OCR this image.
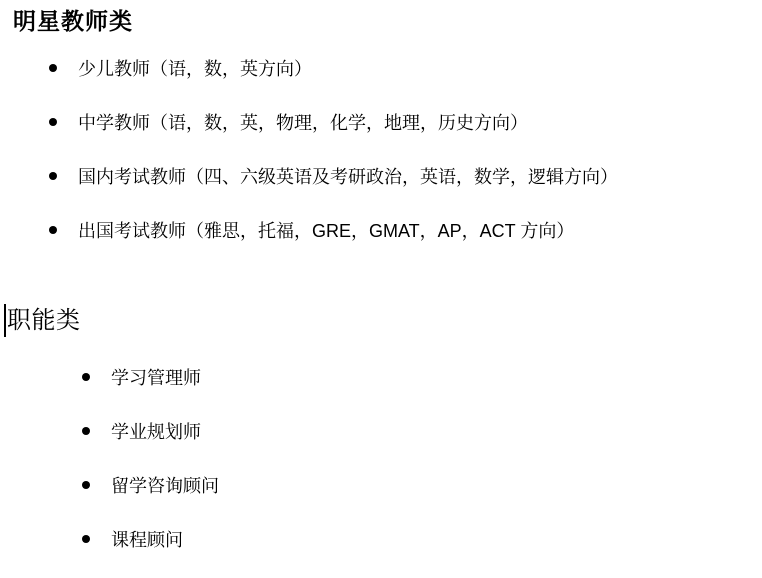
明星教师类
少儿教师（语，数，英方向）
中学教师（语，数，英，物理，化学，地理，历史方向）
国内考试教师（四、六级英语及考研政治，英语，数学，逻辑方向）
出国考试教师（雅思，托福，GRE，GMAT，AP，ACT 方向）
职能类
学习管理师
学业规划师
留学咨询顾问
课程顾问
